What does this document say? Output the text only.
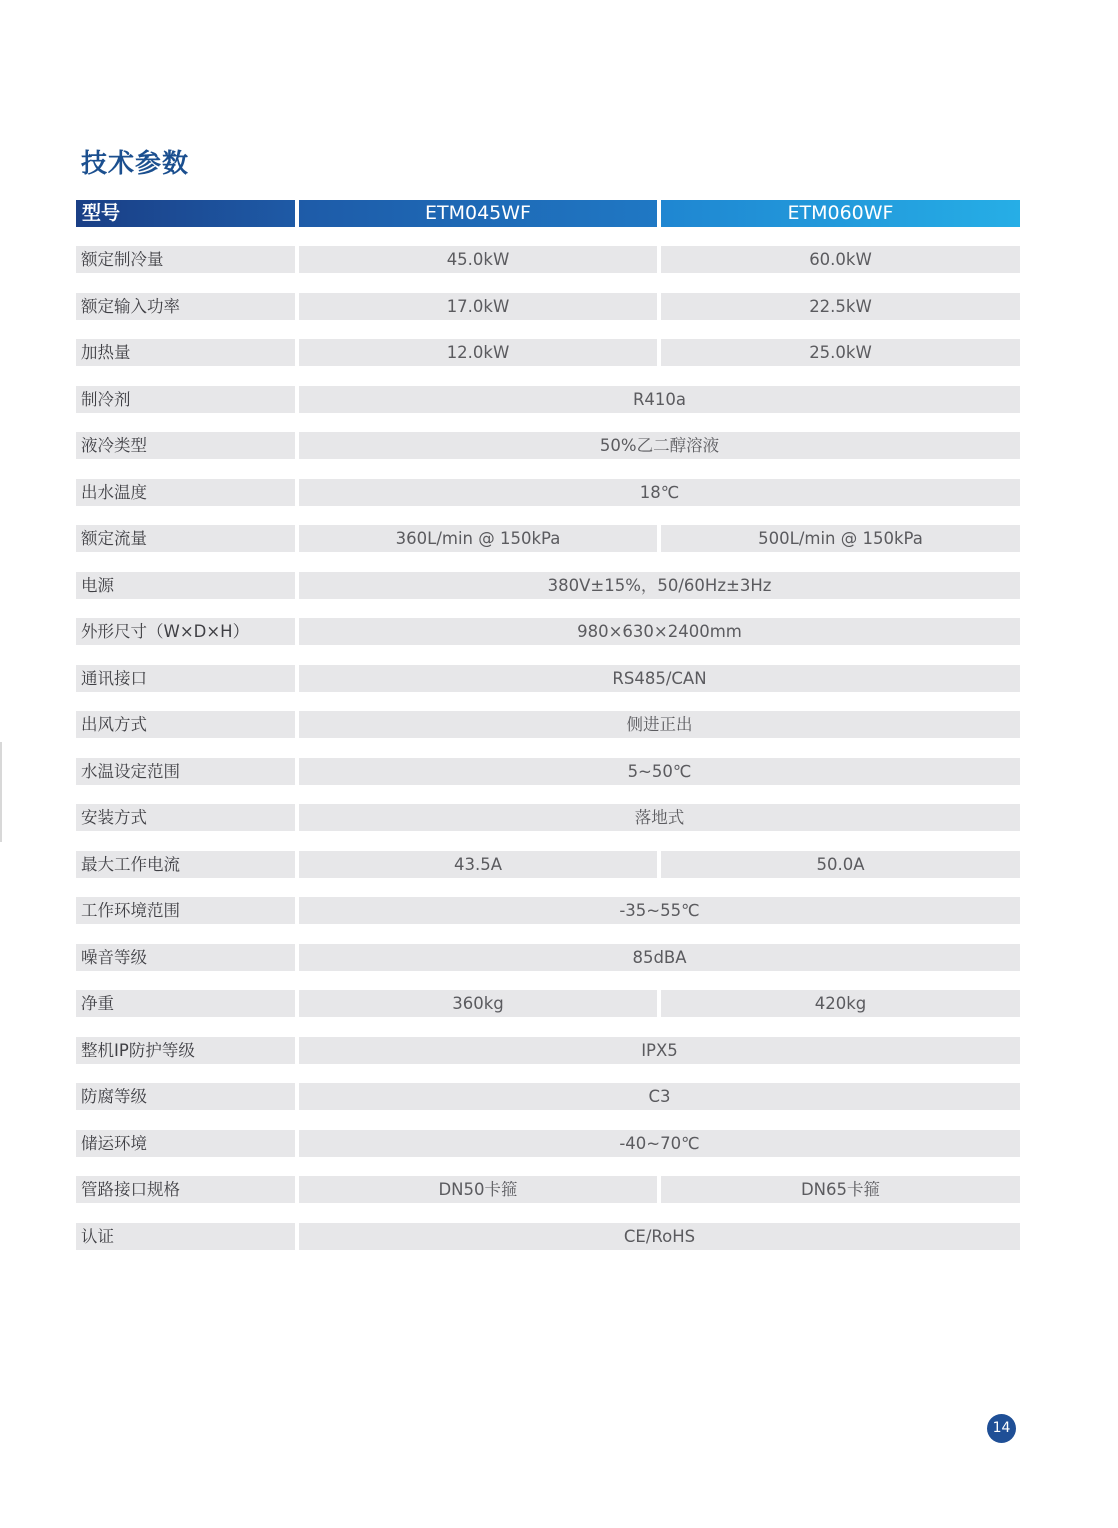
技术参数
型号	ETM045WF	ETM060WF
额定制冷量	45.0kW	60.0kW
额定输入功率	17.0kW	22.5kW
加热量	12.0kW	25.0kW
制冷剂	R410a
液冷类型	50%乙二醇溶液
出水温度	18℃
额定流量	360L/min @ 150kPa	500L/min @ 150kPa
电源	380V±15%，50/60Hz±3Hz
外形尺寸（W×D×H）	980×630×2400mm
通讯接口	RS485/CAN
出风方式	侧进正出
水温设定范围	5~50℃
安装方式	落地式
最大工作电流	43.5A	50.0A
工作环境范围	-35~55℃
噪音等级	85dBA
净重	360kg	420kg
整机IP防护等级	IPX5
防腐等级	C3
储运环境	-40~70℃
管路接口规格	DN50卡箍	DN65卡箍
认证	CE/RoHS
14
